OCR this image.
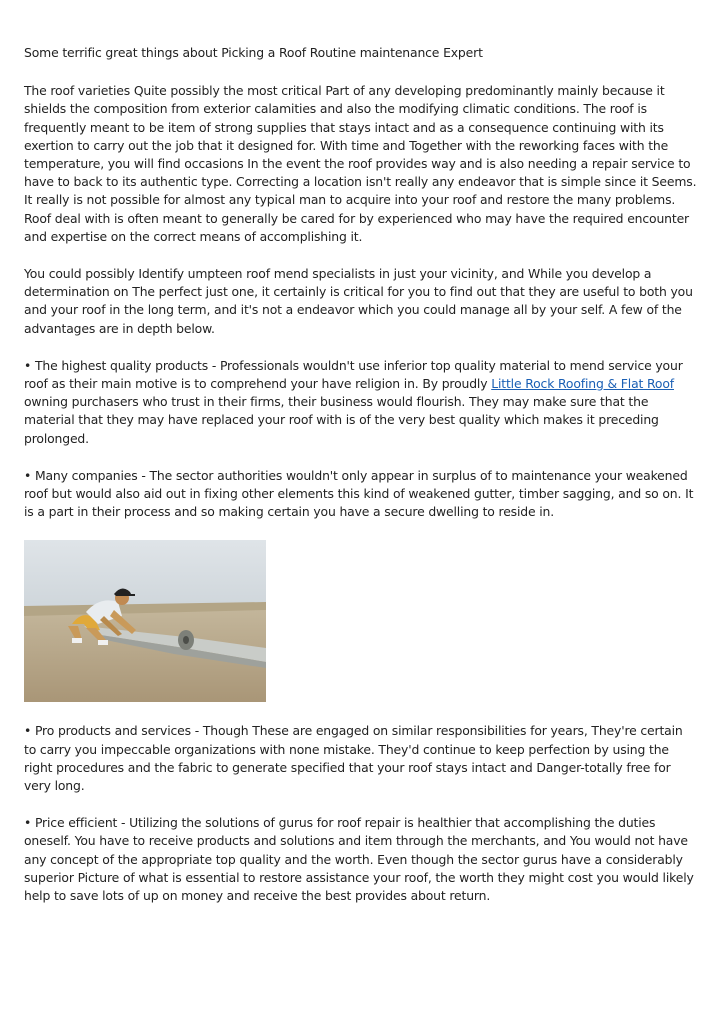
Some terrific great things about Picking a Roof Routine maintenance Expert

The roof varieties Quite possibly the most critical Part of any developing predominantly mainly because it shields the composition from exterior calamities and also the modifying climatic conditions. The roof is frequently meant to be item of strong supplies that stays intact and as a consequence continuing with its exertion to carry out the job that it designed for. With time and Together with the reworking faces with the temperature, you will find occasions In the event the roof provides way and is also needing a repair service to have to back to its authentic type. Correcting a location isn't really any endeavor that is simple since it Seems. It really is not possible for almost any typical man to acquire into your roof and restore the many problems. Roof deal with is often meant to generally be cared for by experienced who may have the required encounter and expertise on the correct means of accomplishing it.

You could possibly Identify umpteen roof mend specialists in just your vicinity, and While you develop a determination on The perfect just one, it certainly is critical for you to find out that they are useful to both you and your roof in the long term, and it's not a endeavor which you could manage all by your self. A few of the advantages are in depth below.

• The highest quality products - Professionals wouldn't use inferior top quality material to mend service your roof as their main motive is to comprehend your have religion in. By proudly Little Rock Roofing & Flat Roof owning purchasers who trust in their firms, their business would flourish. They may make sure that the material that they may have replaced your roof with is of the very best quality which makes it preceding prolonged.

• Many companies - The sector authorities wouldn't only appear in surplus of to maintenance your weakened roof but would also aid out in fixing other elements this kind of weakened gutter, timber sagging, and so on. It is a part in their process and so making certain you have a secure dwelling to reside in.

• Pro products and services - Though These are engaged on similar responsibilities for years, They're certain to carry you impeccable organizations with none mistake. They'd continue to keep perfection by using the right procedures and the fabric to generate specified that your roof stays intact and Danger-totally free for very long.

• Price efficient - Utilizing the solutions of gurus for roof repair is healthier that accomplishing the duties oneself. You have to receive products and solutions and item through the merchants, and You would not have any concept of the appropriate top quality and the worth. Even though the sector gurus have a considerably superior Picture of what is essential to restore assistance your roof, the worth they might cost you would likely help to save lots of up on money and receive the best provides about return.
